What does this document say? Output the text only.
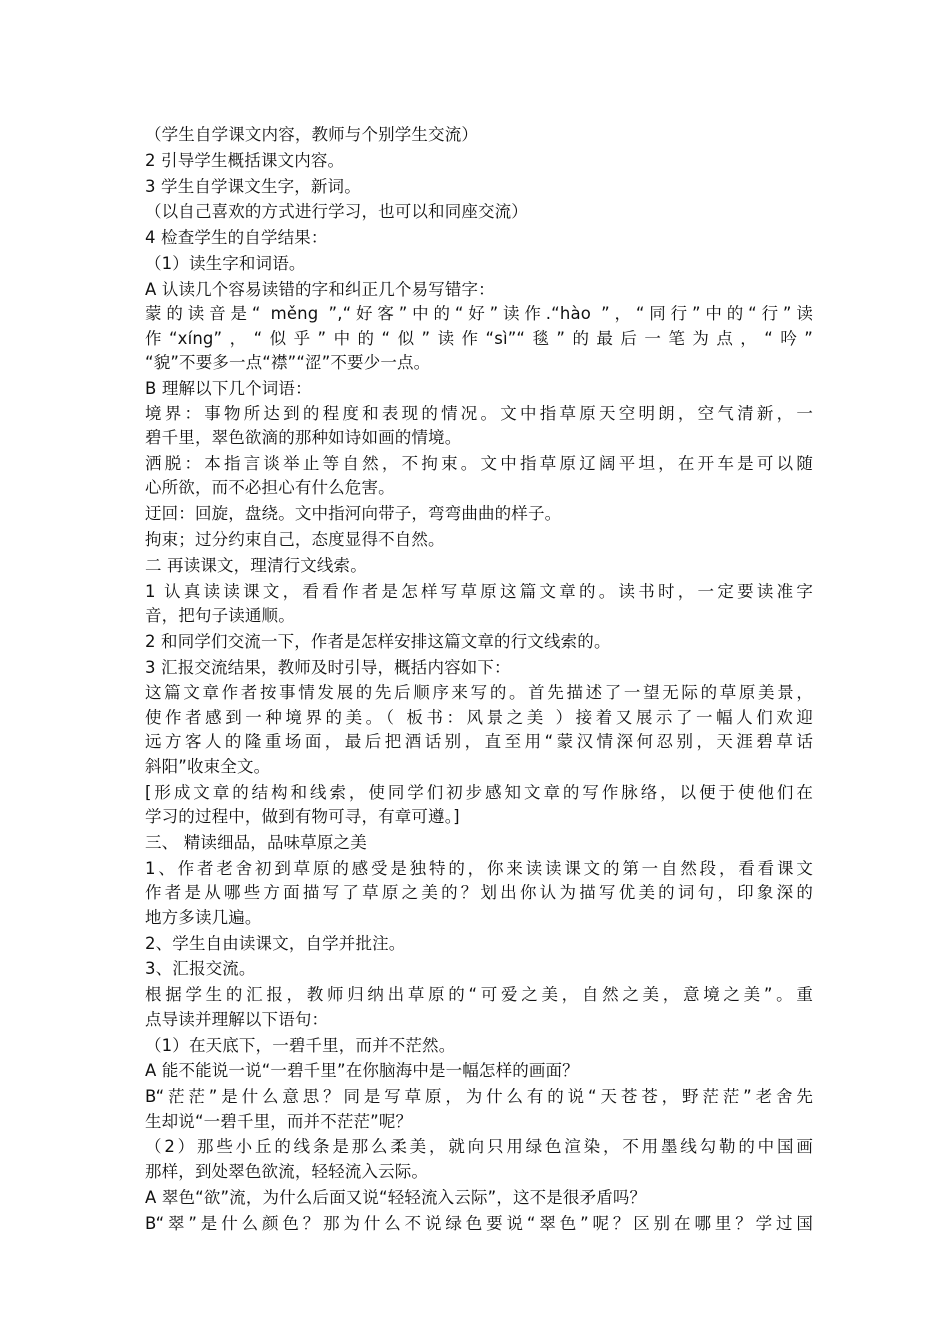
（学生自学课文内容，教师与个别学生交流）
2 引导学生概括课文内容。
3 学生自学课文生字，新词。
（以自己喜欢的方式进行学习，也可以和同座交流）
4 检查学生的自学结果：
（1）读生字和词语。
A 认读几个容易读错的字和纠正几个易写错字：
蒙的读音是“ měng ”,“好客”中的“好”读作.“hào ”，“同行”中的“行”读
作“xíng”，“似乎”中的“似”读作“sì”“毯”的最后一笔为点，“吟”
“貌”不要多一点“襟”“涩”不要少一点。
B 理解以下几个词语：
境界：事物所达到的程度和表现的情况。文中指草原天空明朗，空气清新，一
碧千里，翠色欲滴的那种如诗如画的情境。
洒脱：本指言谈举止等自然，不拘束。文中指草原辽阔平坦，在开车是可以随
心所欲，而不必担心有什么危害。
迂回：回旋，盘绕。文中指河向带子，弯弯曲曲的样子。
拘束；过分约束自己，态度显得不自然。
二 再读课文，理清行文线索。
1 认真读读课文，看看作者是怎样写草原这篇文章的。读书时，一定要读准字
音，把句子读通顺。
2 和同学们交流一下，作者是怎样安排这篇文章的行文线索的。
3 汇报交流结果，教师及时引导，概括内容如下：
这篇文章作者按事情发展的先后顺序来写的。首先描述了一望无际的草原美景，
使作者感到一种境界的美。（ 板书：风景之美 ）接着又展示了一幅人们欢迎
远方客人的隆重场面，最后把酒话别，直至用“蒙汉情深何忍别，天涯碧草话
斜阳”收束全文。
[形成文章的结构和线索，使同学们初步感知文章的写作脉络，以便于使他们在
学习的过程中，做到有物可寻，有章可遵。]
三、 精读细品，品味草原之美
1、作者老舍初到草原的感受是独特的，你来读读课文的第一自然段，看看课文
作者是从哪些方面描写了草原之美的？划出你认为描写优美的词句，印象深的
地方多读几遍。
2、学生自由读课文，自学并批注。
3、汇报交流。
根据学生的汇报，教师归纳出草原的“可爱之美，自然之美，意境之美”。重
点导读并理解以下语句：
（1）在天底下，一碧千里，而并不茫然。
A 能不能说一说“一碧千里”在你脑海中是一幅怎样的画面？
B“茫茫”是什么意思？同是写草原，为什么有的说“天苍苍，野茫茫”老舍先
生却说“一碧千里，而并不茫茫”呢？
（2）那些小丘的线条是那么柔美，就向只用绿色渲染，不用墨线勾勒的中国画
那样，到处翠色欲流，轻轻流入云际。
A 翠色“欲”流，为什么后面又说“轻轻流入云际”，这不是很矛盾吗？
B“翠”是什么颜色？那为什么不说绿色要说“翠色”呢？区别在哪里？学过国
